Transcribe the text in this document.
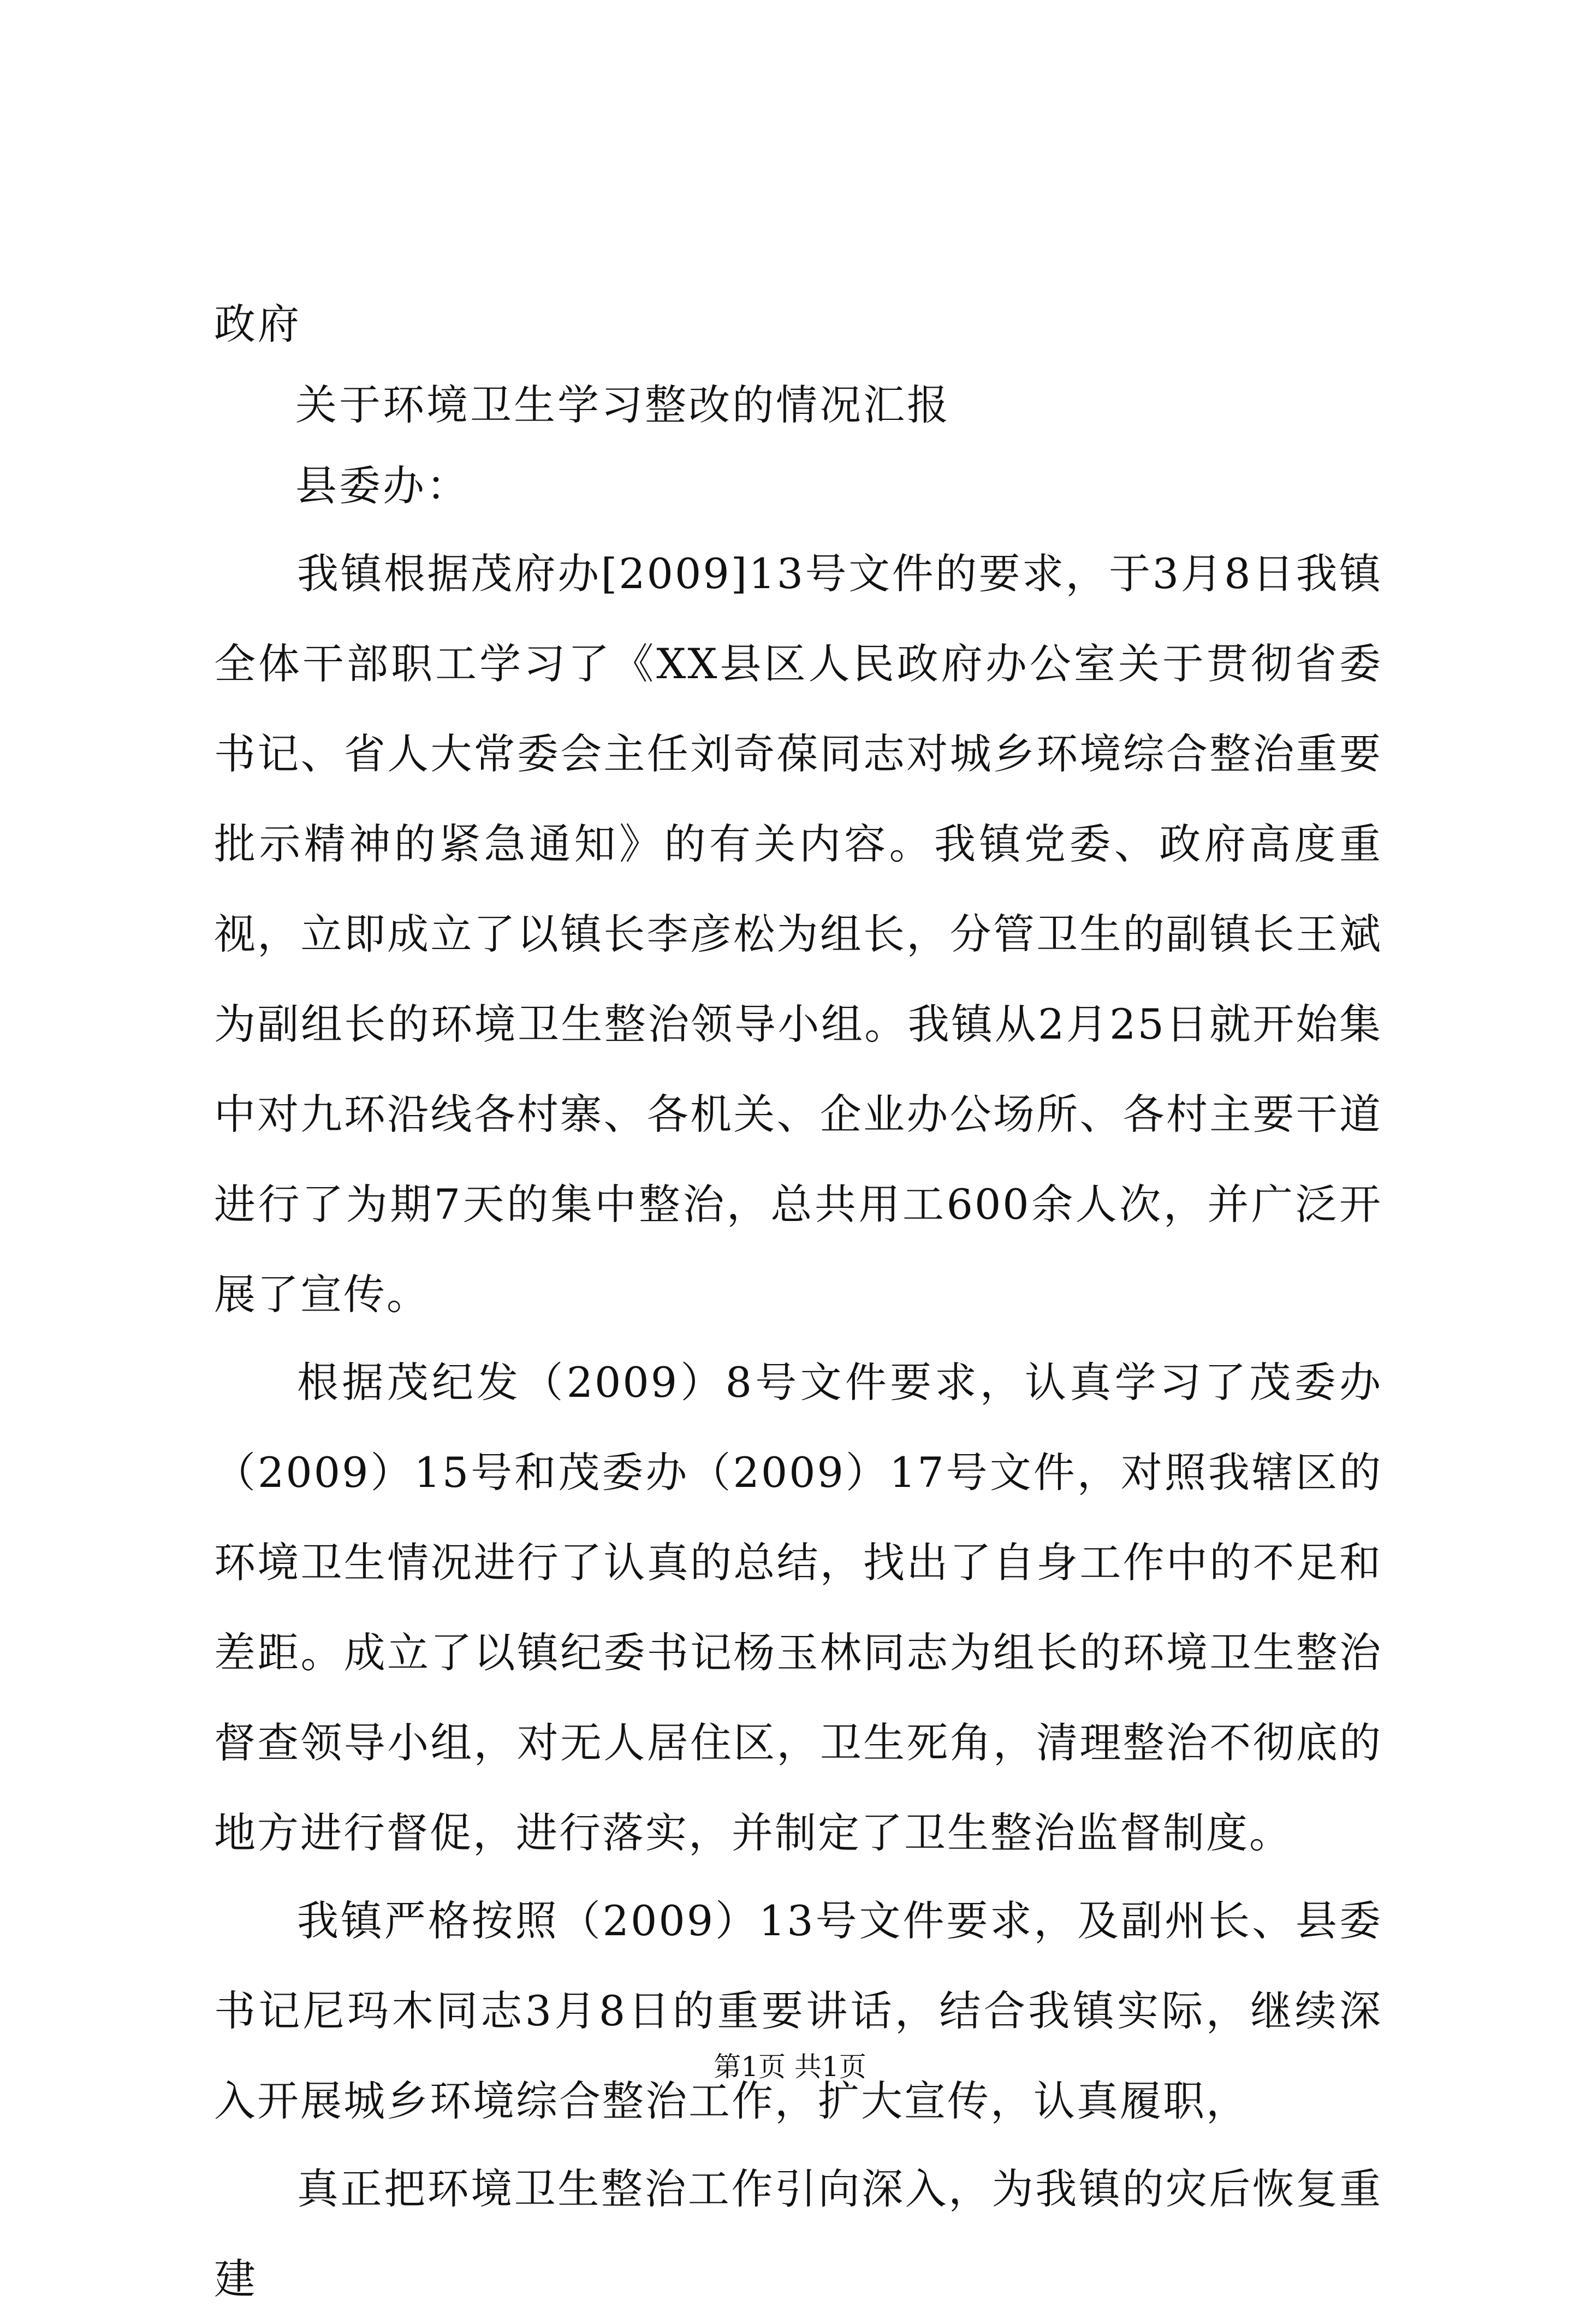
政府
关于环境卫生学习整改的情况汇报
县委办：

我镇根据茂府办[2009]13号文件的要求，于3月8日我镇全体干部职工学习了《XX县区人民政府办公室关于贯彻省委书记、省人大常委会主任刘奇葆同志对城乡环境综合整治重要批示精神的紧急通知》的有关内容。我镇党委、政府高度重视，立即成立了以镇长李彦松为组长，分管卫生的副镇长王斌为副组长的环境卫生整治领导小组。我镇从2月25日就开始集中对九环沿线各村寨、各机关、企业办公场所、各村主要干道进行了为期7天的集中整治，总共用工600余人次，并广泛开展了宣传。

根据茂纪发（2009）8号文件要求，认真学习了茂委办（2009）15号和茂委办（2009）17号文件，对照我辖区的环境卫生情况进行了认真的总结，找出了自身工作中的不足和差距。成立了以镇纪委书记杨玉林同志为组长的环境卫生整治督查领导小组，对无人居住区，卫生死角，清理整治不彻底的地方进行督促，进行落实，并制定了卫生整治监督制度。

我镇严格按照（2009）13号文件要求，及副州长、县委书记尼玛木同志3月8日的重要讲话，结合我镇实际，继续深入开展城乡环境综合整治工作，扩大宣传，认真履职，

真正把环境卫生整治工作引向深入，为我镇的灾后恢复重建

第1页 共1页
